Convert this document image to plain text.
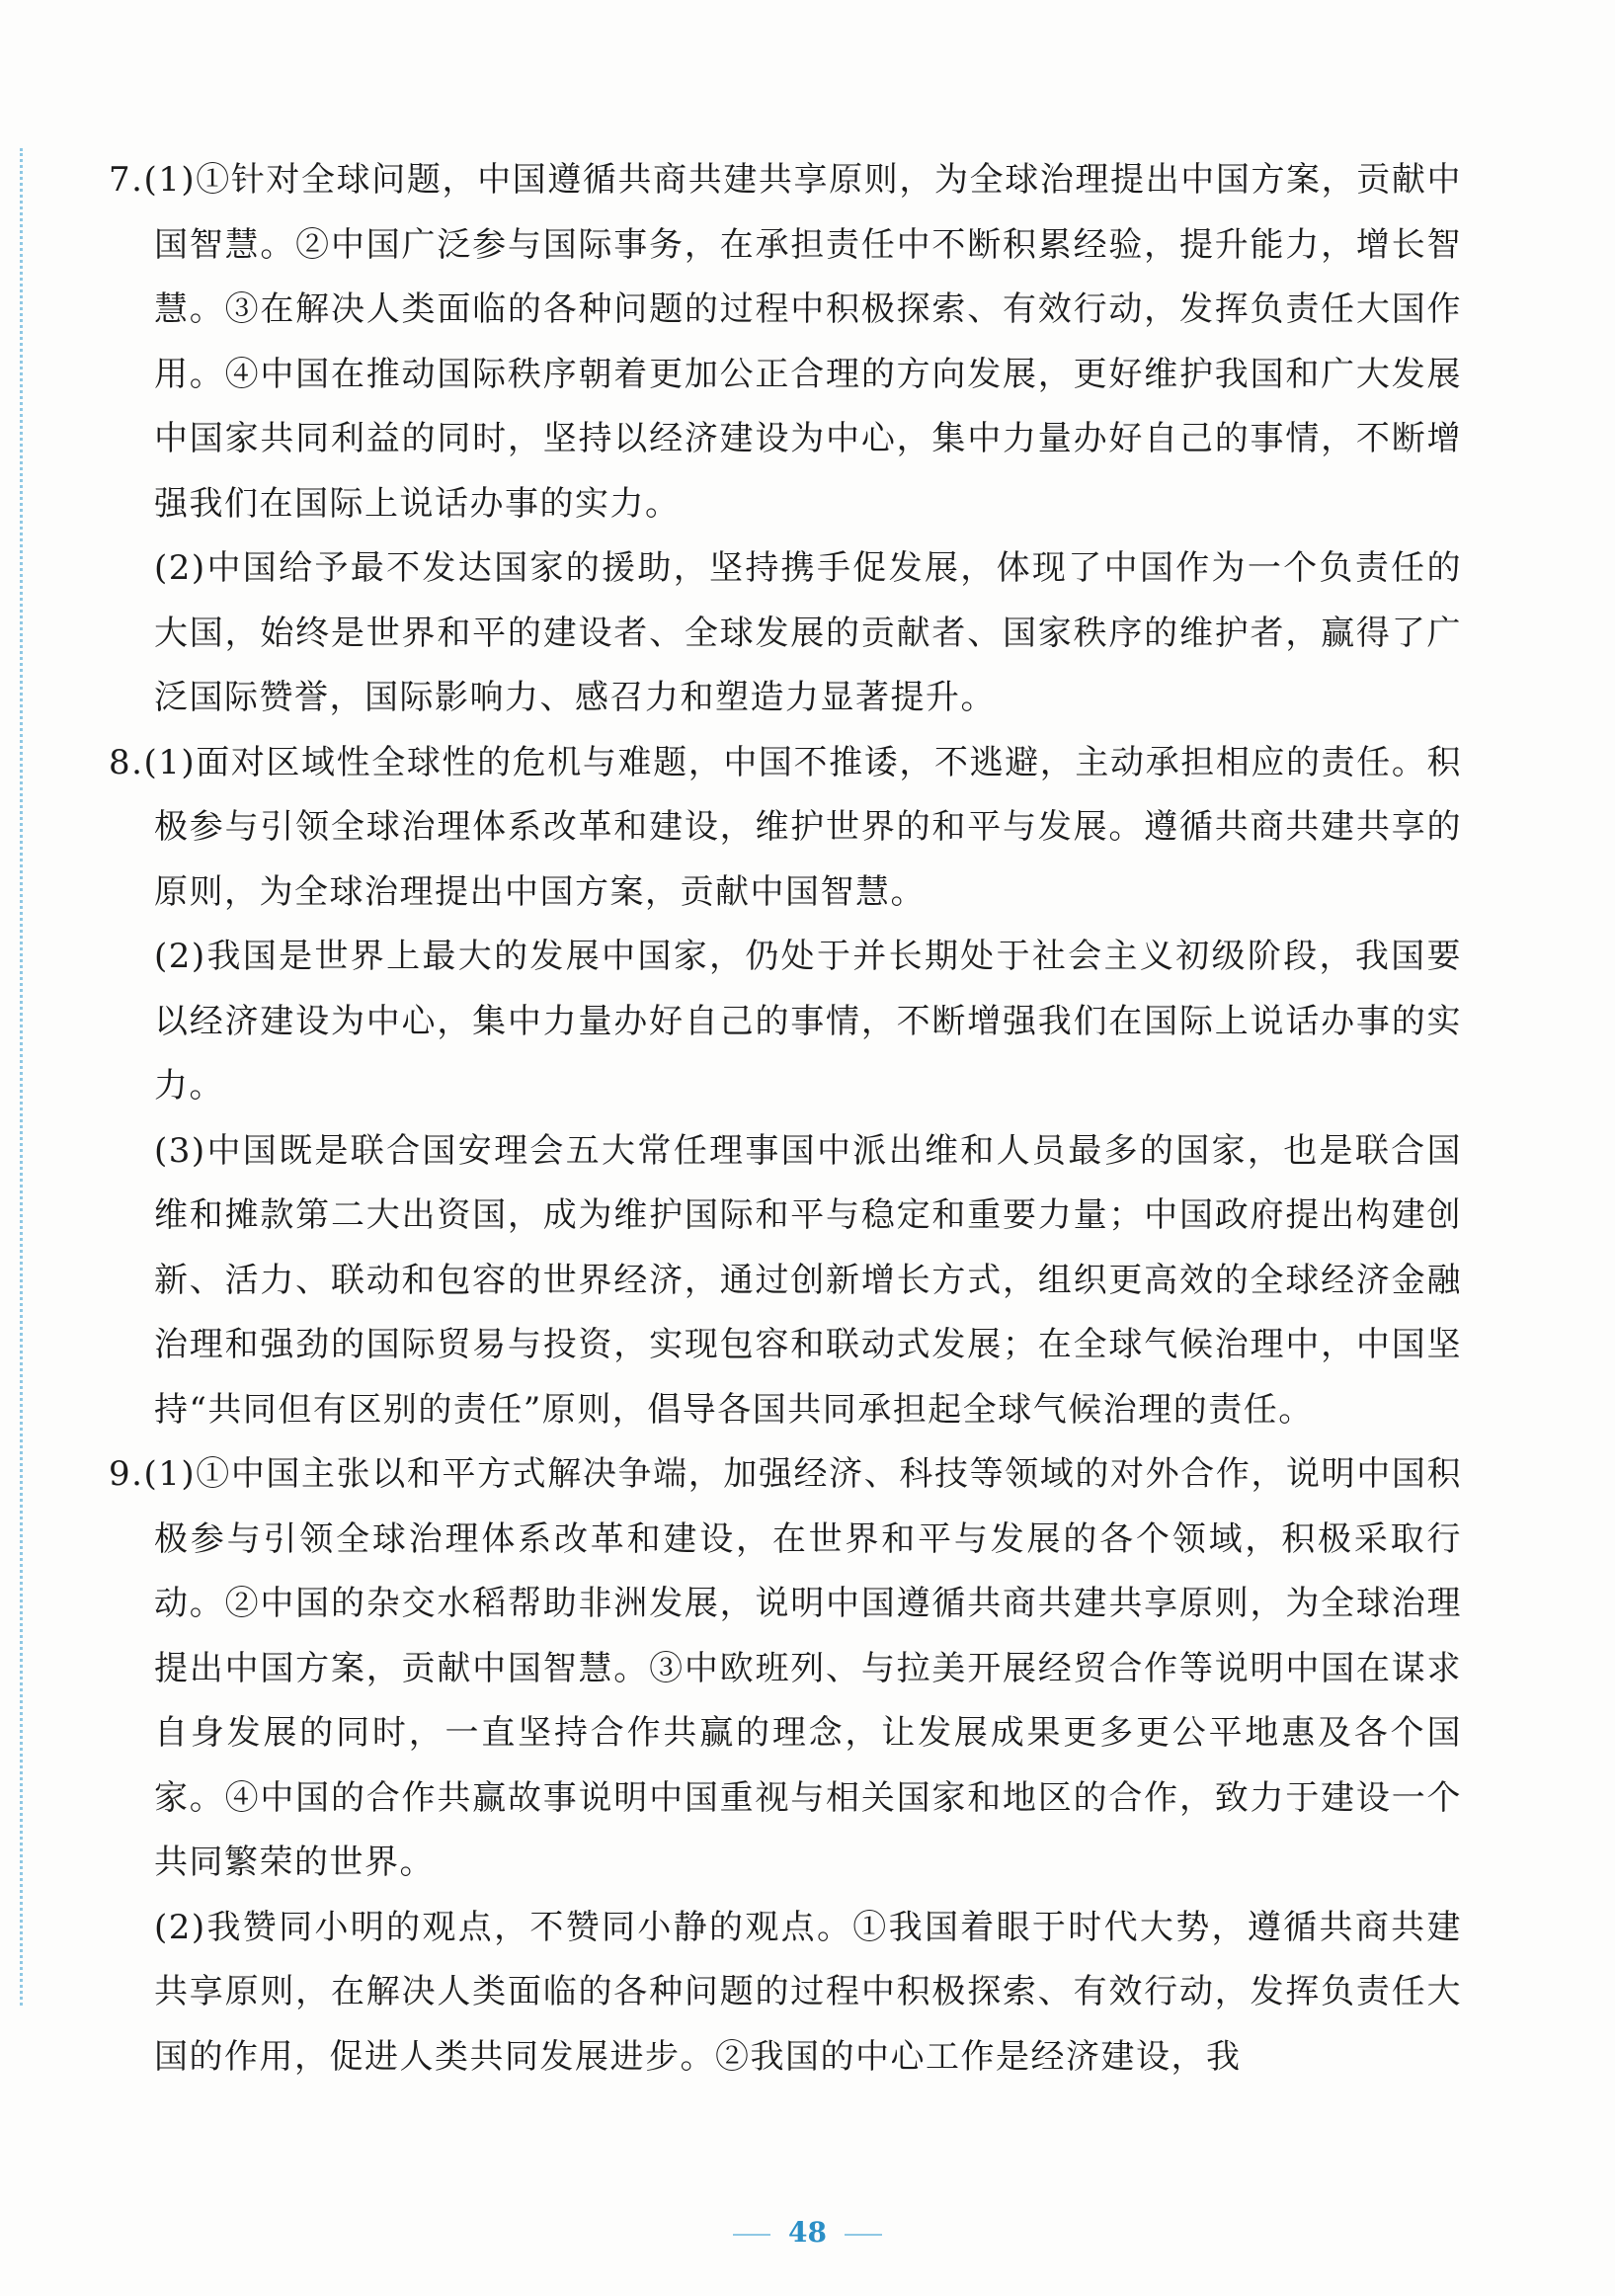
7.(1)①针对全球问题，中国遵循共商共建共享原则，为全球治理提出中国方案，贡献中国智慧。②中国广泛参与国际事务，在承担责任中不断积累经验，提升能力，增长智慧。③在解决人类面临的各种问题的过程中积极探索、有效行动，发挥负责任大国作用。④中国在推动国际秩序朝着更加公正合理的方向发展，更好维护我国和广大发展中国家共同利益的同时，坚持以经济建设为中心，集中力量办好自己的事情，不断增强我们在国际上说话办事的实力。

(2)中国给予最不发达国家的援助，坚持携手促发展，体现了中国作为一个负责任的大国，始终是世界和平的建设者、全球发展的贡献者、国家秩序的维护者，赢得了广泛国际赞誉，国际影响力、感召力和塑造力显著提升。

8.(1)面对区域性全球性的危机与难题，中国不推诿，不逃避，主动承担相应的责任。积极参与引领全球治理体系改革和建设，维护世界的和平与发展。遵循共商共建共享的原则，为全球治理提出中国方案，贡献中国智慧。

(2)我国是世界上最大的发展中国家，仍处于并长期处于社会主义初级阶段，我国要以经济建设为中心，集中力量办好自己的事情，不断增强我们在国际上说话办事的实力。

(3)中国既是联合国安理会五大常任理事国中派出维和人员最多的国家，也是联合国维和摊款第二大出资国，成为维护国际和平与稳定和重要力量；中国政府提出构建创新、活力、联动和包容的世界经济，通过创新增长方式，组织更高效的全球经济金融治理和强劲的国际贸易与投资，实现包容和联动式发展；在全球气候治理中，中国坚持“共同但有区别的责任”原则，倡导各国共同承担起全球气候治理的责任。

9.(1)①中国主张以和平方式解决争端，加强经济、科技等领域的对外合作，说明中国积极参与引领全球治理体系改革和建设，在世界和平与发展的各个领域，积极采取行动。②中国的杂交水稻帮助非洲发展，说明中国遵循共商共建共享原则，为全球治理提出中国方案，贡献中国智慧。③中欧班列、与拉美开展经贸合作等说明中国在谋求自身发展的同时，一直坚持合作共赢的理念，让发展成果更多更公平地惠及各个国家。④中国的合作共赢故事说明中国重视与相关国家和地区的合作，致力于建设一个共同繁荣的世界。

(2)我赞同小明的观点，不赞同小静的观点。①我国着眼于时代大势，遵循共商共建共享原则，在解决人类面临的各种问题的过程中积极探索、有效行动，发挥负责任大国的作用，促进人类共同发展进步。②我国的中心工作是经济建设，我

48
